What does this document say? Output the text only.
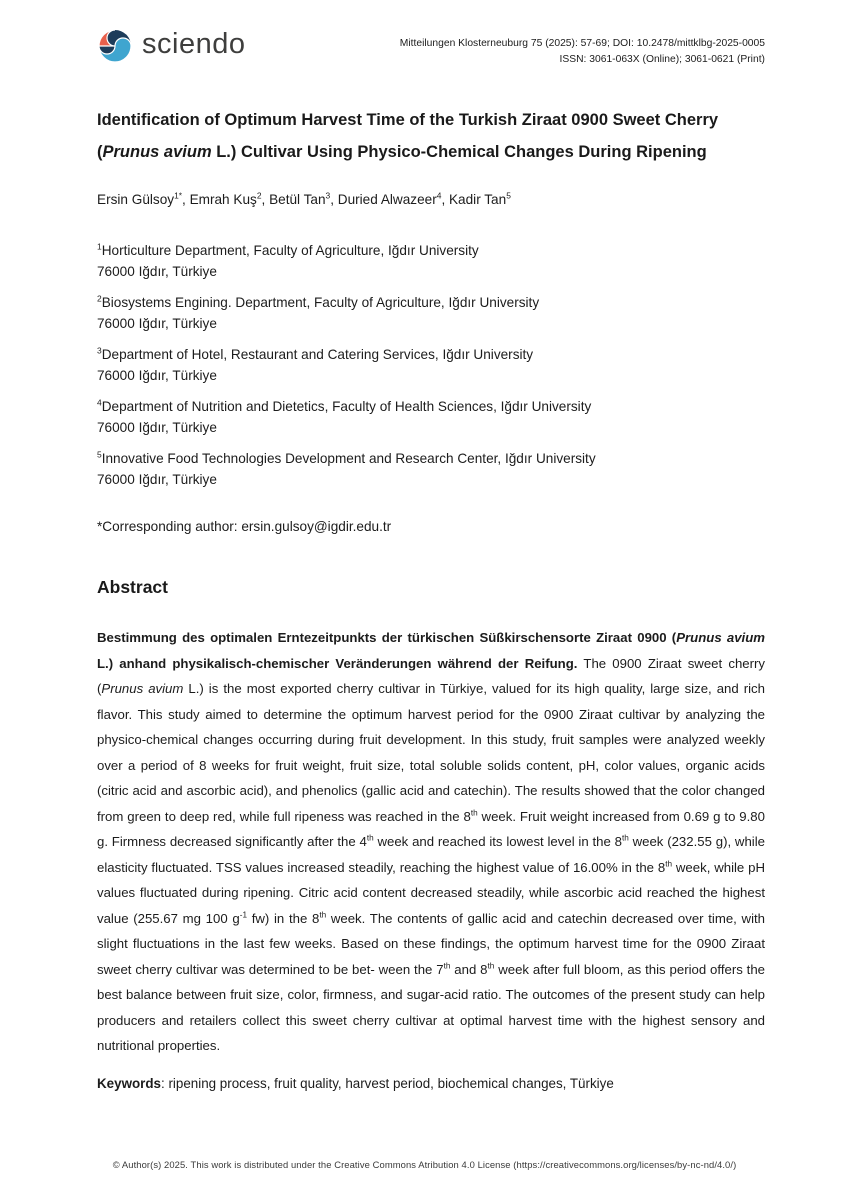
sciendo	Mitteilungen Klosterneuburg 75 (2025): 57-69; DOI: 10.2478/mittklbg-2025-0005
ISSN: 3061-063X (Online); 3061-0621 (Print)
Identification of Optimum Harvest Time of the Turkish Ziraat 0900 Sweet Cherry
(Prunus avium L.) Cultivar Using Physico-Chemical Changes During Ripening

Ersin Gülsoy$^{1*}$, Emrah Kuş$^2$, Betül Tan$^3$, Duried Alwazeer$^4$, Kadir Tan$^5$

$^1$Horticulture Department, Faculty of Agriculture, Iğdır University

76000 Iğdır, Türkiye

$^2$Biosystems Engining. Department, Faculty of Agriculture, Iğdır University

76000 Iğdır, Türkiye

$^3$Department of Hotel, Restaurant and Catering Services, Iğdır University

76000 Iğdır, Türkiye

$^4$Department of Nutrition and Dietetics, Faculty of Health Sciences, Iğdır University

76000 Iğdır, Türkiye

$^5$Innovative Food Technologies Development and Research Center, Iğdır University

76000 Iğdır, Türkiye

*Corresponding author: ersin.gulsoy@igdir.edu.tr

Abstract

Bestimmung des optimalen Erntezeitpunkts der türkischen Süßkirschensorte Ziraat 0900 (Prunus avium L.) anhand physikalisch-chemischer Veränderungen während der Reifung. The 0900 Ziraat sweet cherry (Prunus avium L.) is the most exported cherry cultivar in Türkiye, valued for its high quality, large size, and rich flavor. This study aimed to determine the optimum harvest period for the 0900 Ziraat cultivar by analyzing the physico-chemical changes occurring during fruit development. In this study, fruit samples were analyzed weekly over a period of 8 weeks for fruit weight, fruit size, total soluble solids content, pH, color values, organic acids (citric acid and ascorbic acid), and phenolics (gallic acid and catechin). The results showed that the color changed from green to deep red, while full ripeness was reached in the 8th week. Fruit weight increased from 0.69 g to 9.80 g. Firmness decreased significantly after the 4th week and reached its lowest level in the 8th week (232.55 g), while elasticity fluctuated. TSS values increased steadily, reaching the highest value of 16.00% in the 8th week, while pH values fluctuated during ripening. Citric acid content decreased steadily, while ascorbic acid reached the highest value (255.67 mg 100 $g^{-1}$ fw) in the 8th week. The contents of gallic acid and catechin decreased over time, with slight fluctuations in the last few weeks. Based on these findings, the optimum harvest time for the 0900 Ziraat sweet cherry cultivar was determined to be bet- ween the 7th and 8th week after full bloom, as this period offers the best balance between fruit size, color, firmness, and sugar-acid ratio. The outcomes of the present study can help producers and retailers collect this sweet cherry cultivar at optimal harvest time with the highest sensory and nutritional properties.

Keywords: ripening process, fruit quality, harvest period, biochemical changes, Türkiye

© Author(s) 2025. This work is distributed under the Creative Commons Atribution 4.0 License (https://creativecommons.org/licenses/by-nc-nd/4.0/)
